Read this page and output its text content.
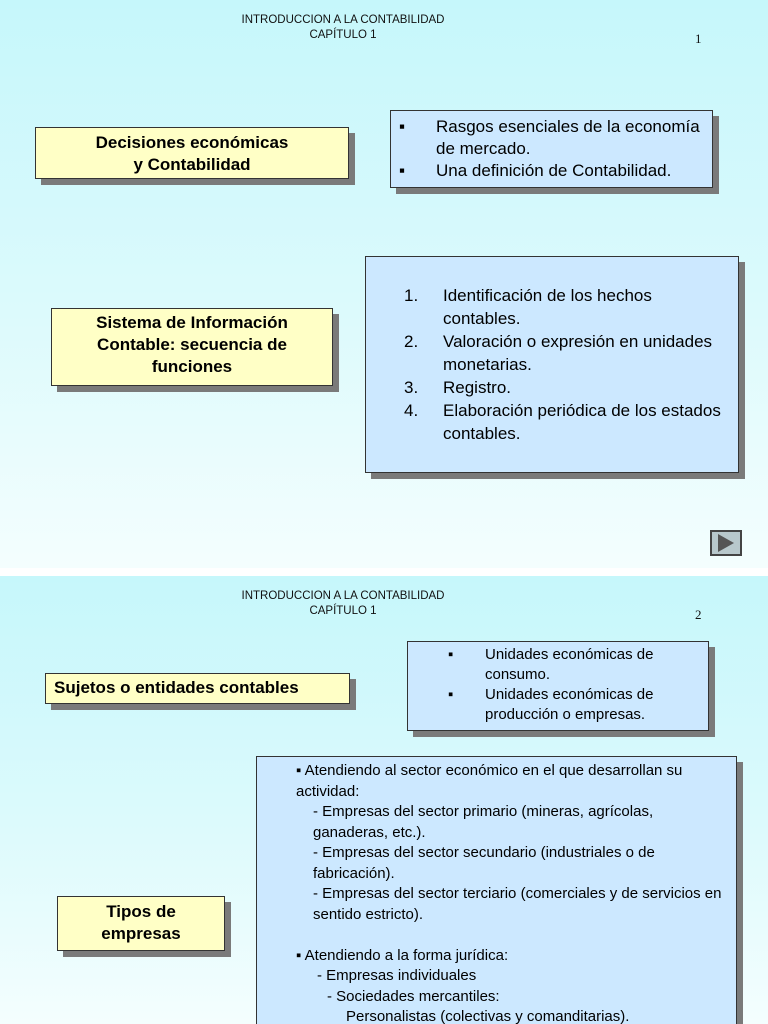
INTRODUCCION A LA CONTABILIDAD
CAPÍTULO 1	1
Decisiones económicas
y Contabilidad
▪ Rasgos esenciales de la economía de mercado.
▪ Una definición de Contabilidad.
Sistema de Información Contable: secuencia de funciones
1. Identificación de los hechos contables.
2. Valoración o expresión en unidades monetarias.
3. Registro.
4. Elaboración periódica de los estados contables.
INTRODUCCION A LA CONTABILIDAD
CAPÍTULO 1	2
Sujetos o entidades contables
▪ Unidades económicas de consumo.
▪ Unidades económicas de producción o empresas.
Tipos de
empresas
▪ Atendiendo al sector económico en el que desarrollan su actividad:
- Empresas del sector primario (mineras, agrícolas, ganaderas, etc.).
- Empresas del sector secundario (industriales o de fabricación).
- Empresas del sector terciario (comerciales y de servicios en sentido estricto).
▪ Atendiendo a la forma jurídica:
- Empresas individuales
- Sociedades mercantiles:
Personalistas (colectivas y comanditarias).
